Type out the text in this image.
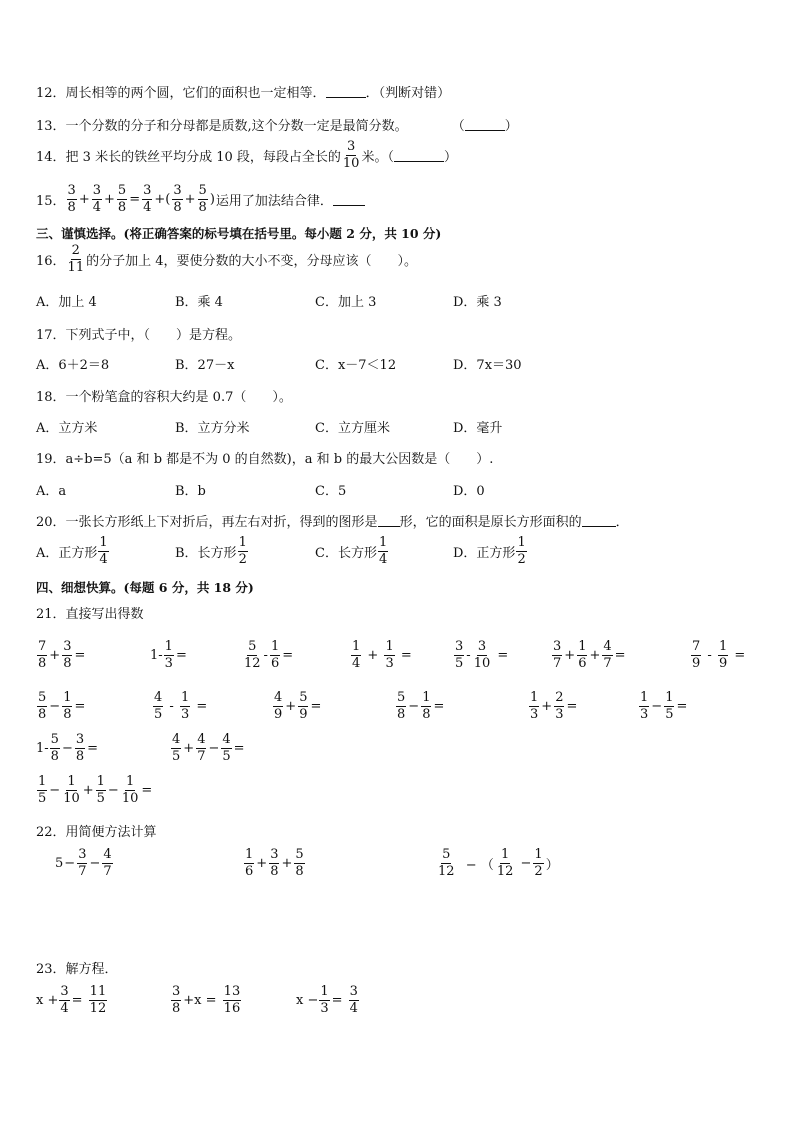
12． 周长相等的两个圆，它们的面积也一定相等．	．（判断对错）
13． 一个分数的分子和分母都是质数,这个分数一定是最简分数。	（	）
14． 把 3 米长的铁丝平均分成 10 段，每段占全长的 $\frac{3}{10}$ 米。（	）
15． $\frac{3}{8} + \frac{3}{4} + \frac{5}{8} = \frac{3}{4}$ +( $\frac{3}{8} + \frac{5}{8}$ ) 运用了加法结合律．
三、谨慎选择。(将正确答案的标号填在括号里。每小题 2 分，共 10 分)
16． $\frac{2}{11}$ 的分子加上 4，要使分数的大小不变，分母应该（　　）。
A．加上 4	B．乘 4	C．加上 3	D．乘 3
17． 下列式子中，（　　）是方程。
A．6＋2＝8	B．27－x	C．x－7＜12	D．7x＝30
18． 一个粉笔盒的容积大约是 0.7（　　）。
A．立方米	B．立方分米	C．立方厘米	D．毫升
19． a÷b=5（a 和 b 都是不为 0 的自然数)，a 和 b 的最大公因数是（　　）.
A．a	B．b	C．5	D．0
20． 一张长方形纸上下对折后，再左右对折，得到的图形是 形，它的面积是原长方形面积的	．
A．正方形 $\frac{1}{4}$	B．长方形 $\frac{1}{2}$	C．长方形 $\frac{1}{4}$	D．正方形 $\frac{1}{2}$
四、细想快算。(每题 6 分，共 18 分)
21． 直接写出得数
$\frac{7}{8} + \frac{3}{8}$ =	$1- \frac{1}{3}$ =	$\frac{5}{12} - \frac{1}{6}$ =	$\frac{1}{4} + \frac{1}{3}$ =	$\frac{3}{5} - \frac{3}{10}$ =	$\frac{3}{7} + \frac{1}{6} + \frac{4}{7}$ =	$\frac{7}{9} - \frac{1}{9}$ =
$\frac{5}{8} - \frac{1}{8}$ =	$\frac{4}{5} - \frac{1}{3}$ =	$\frac{4}{9} + \frac{5}{9}$ =	$\frac{5}{8} - \frac{1}{8}$ =	$\frac{1}{3} + \frac{2}{3}$ =	$\frac{1}{3} - \frac{1}{5}$ =
$1- \frac{5}{8} - \frac{3}{8}$ =	$\frac{4}{5} + \frac{4}{7} - \frac{4}{5}$ =
$\frac{1}{5} - \frac{1}{10} + \frac{1}{5} - \frac{1}{10}$ =
22． 用简便方法计算
$5 - \frac{3}{7} - \frac{4}{7}$	$\frac{1}{6} + \frac{3}{8} + \frac{5}{8}$	$\frac{5}{12}$ − （ $\frac{1}{12} - \frac{1}{2}$ ）
23． 解方程．
$x + \frac{3}{4} = \frac{11}{12}$	$\frac{3}{8} +x = \frac{13}{16}$	$x - \frac{1}{3} = \frac{3}{4}$
